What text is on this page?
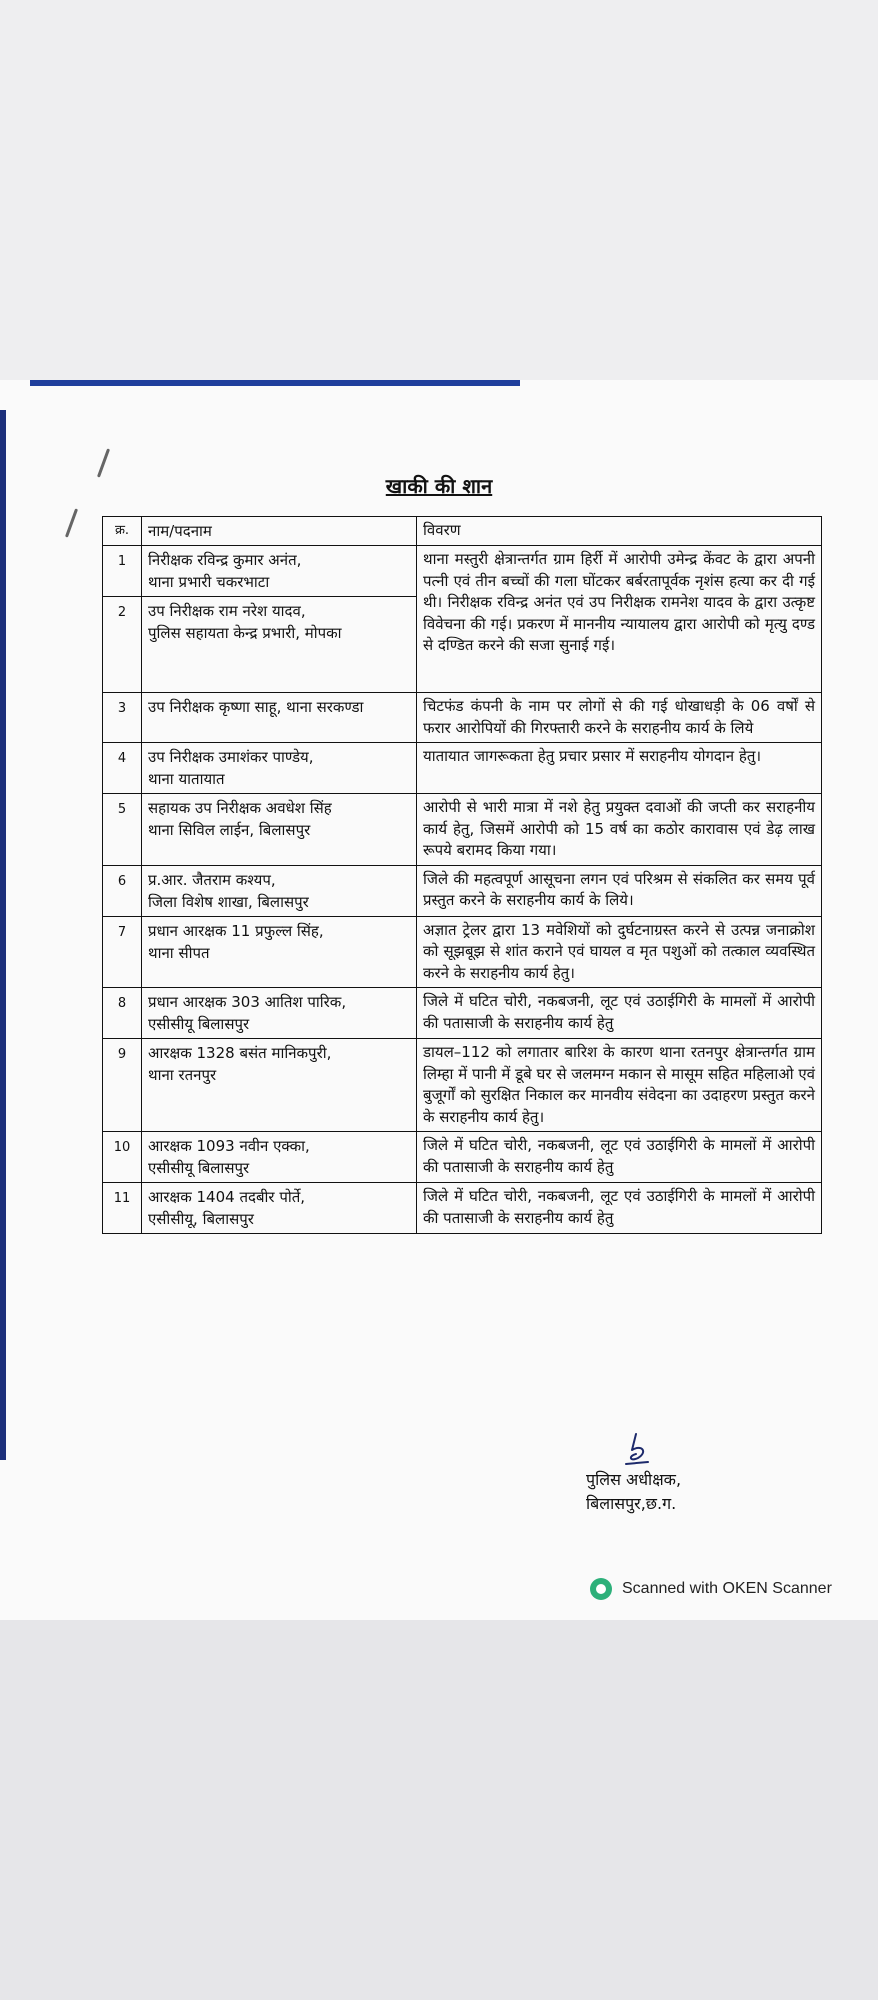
खाकी की शान
क्र.	नाम/पदनाम	विवरण
1	निरीक्षक रविन्द्र कुमार अनंत,
थाना प्रभारी चकरभाटा	थाना मस्तुरी क्षेत्रान्तर्गत ग्राम हिर्री में आरोपी उमेन्द्र केंवट के द्वारा अपनी पत्नी एवं तीन बच्चों की गला घोंटकर बर्बरतापूर्वक नृशंस हत्या कर दी गई थी। निरीक्षक रविन्द्र अनंत एवं उप निरीक्षक रामनेश यादव के द्वारा उत्कृष्ट विवेचना की गई। प्रकरण में माननीय न्यायालय द्वारा आरोपी को मृत्यु दण्ड से दण्डित करने की सजा सुनाई गई।
2	उप निरीक्षक राम नरेश यादव,
पुलिस सहायता केन्द्र प्रभारी, मोपका	

3	उप निरीक्षक कृष्णा साहू, थाना सरकण्डा	चिटफंड कंपनी के नाम पर लोगों से की गई धोखाधड़ी के 06 वर्षों से फरार आरोपियों की गिरफ्तारी करने के सराहनीय कार्य के लिये
4	उप निरीक्षक उमाशंकर पाण्डेय,
थाना यातायात	यातायात जागरूकता हेतु प्रचार प्रसार में सराहनीय योगदान हेतु।
5	सहायक उप निरीक्षक अवधेश सिंह
थाना सिविल लाईन, बिलासपुर	आरोपी से भारी मात्रा में नशे हेतु प्रयुक्त दवाओं की जप्ती कर सराहनीय कार्य हेतु, जिसमें आरोपी को 15 वर्ष का कठोर कारावास एवं डेढ़ लाख रूपये बरामद किया गया।
6	प्र.आर. जैतराम कश्यप,
जिला विशेष शाखा, बिलासपुर	जिले की महत्वपूर्ण आसूचना लगन एवं परिश्रम से संकलित कर समय पूर्व प्रस्तुत करने के सराहनीय कार्य के लिये।
7	प्रधान आरक्षक 11 प्रफुल्ल सिंह,
थाना सीपत	अज्ञात ट्रेलर द्वारा 13 मवेशियों को दुर्घटनाग्रस्त करने से उत्पन्न जनाक्रोश को सूझबूझ से शांत कराने एवं घायल व मृत पशुओं को तत्काल व्यवस्थित करने के सराहनीय कार्य हेतु।
8	प्रधान आरक्षक 303 आतिश पारिक,
एसीसीयू बिलासपुर	जिले में घटित चोरी, नकबजनी, लूट एवं उठाईगिरी के मामलों में आरोपी की पतासाजी के सराहनीय कार्य हेतु
9	आरक्षक 1328 बसंत मानिकपुरी,
थाना रतनपुर	डायल–112 को लगातार बारिश के कारण थाना रतनपुर क्षेत्रान्तर्गत ग्राम लिम्हा में पानी में डूबे घर से जलमग्न मकान से मासूम सहित महिलाओ एवं बुजूर्गों को सुरक्षित निकाल कर मानवीय संवेदना का उदाहरण प्रस्तुत करने के सराहनीय कार्य हेतु।
10	आरक्षक 1093 नवीन एक्का,
एसीसीयू बिलासपुर	जिले में घटित चोरी, नकबजनी, लूट एवं उठाईगिरी के मामलों में आरोपी की पतासाजी के सराहनीय कार्य हेतु
11	आरक्षक 1404 तदबीर पोर्ते,
एसीसीयू, बिलासपुर	जिले में घटित चोरी, नकबजनी, लूट एवं उठाईगिरी के मामलों में आरोपी की पतासाजी के सराहनीय कार्य हेतु
पुलिस अधीक्षक,
बिलासपुर,छ.ग.
Scanned with OKEN Scanner
